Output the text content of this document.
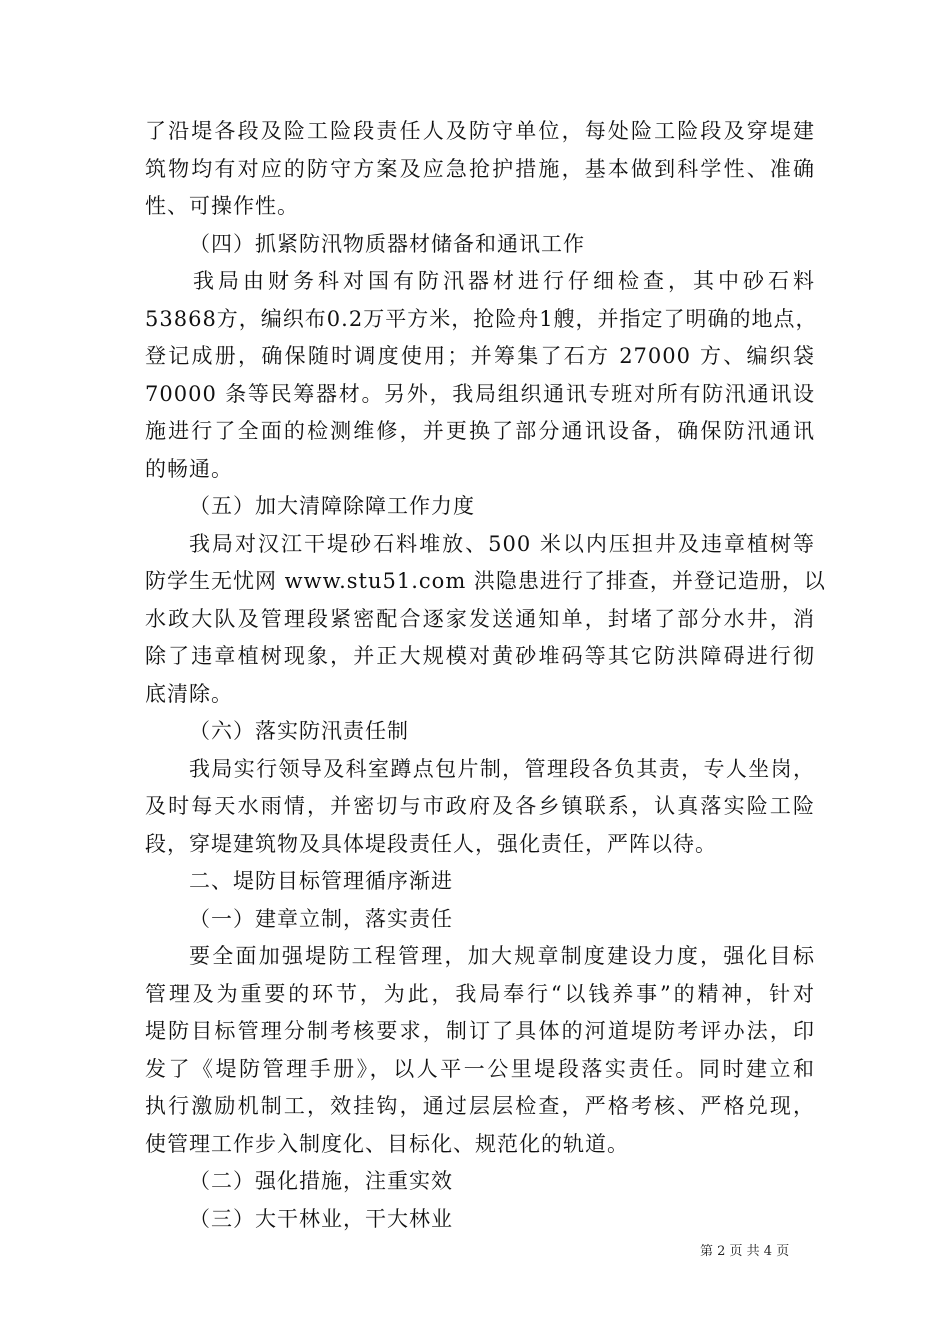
了沿堤各段及险工险段责任人及防守单位，每处险工险段及穿堤建
筑物均有对应的防守方案及应急抢护措施，基本做到科学性、准确
性、可操作性。
（四）抓紧防汛物质器材储备和通讯工作
我局由财务科对国有防汛器材进行仔细检查，其中砂石料
53868方，编织布0.2万平方米，抢险舟1艘，并指定了明确的地点，
登记成册，确保随时调度使用；并筹集了石方 27000 方、编织袋
70000 条等民筹器材。另外，我局组织通讯专班对所有防汛通讯设
施进行了全面的检测维修，并更换了部分通讯设备，确保防汛通讯
的畅通。
（五）加大清障除障工作力度
我局对汉江干堤砂石料堆放、500 米以内压担井及违章植树等
防学生无忧网 www.stu51.com 洪隐患进行了排查，并登记造册，以
水政大队及管理段紧密配合逐家发送通知单，封堵了部分水井，消
除了违章植树现象，并正大规模对黄砂堆码等其它防洪障碍进行彻
底清除。
（六）落实防汛责任制
我局实行领导及科室蹲点包片制，管理段各负其责，专人坐岗，
及时每天水雨情，并密切与市政府及各乡镇联系，认真落实险工险
段，穿堤建筑物及具体堤段责任人，强化责任，严阵以待。
二、堤防目标管理循序渐进
（一）建章立制，落实责任
要全面加强堤防工程管理，加大规章制度建设力度，强化目标
管理及为重要的环节，为此，我局奉行“以钱养事”的精神，针对
堤防目标管理分制考核要求，制订了具体的河道堤防考评办法，印
发了《堤防管理手册》，以人平一公里堤段落实责任。同时建立和
执行激励机制工，效挂钩，通过层层检查，严格考核、严格兑现，
使管理工作步入制度化、目标化、规范化的轨道。
（二）强化措施，注重实效
（三）大干林业，干大林业
第 2 页 共 4 页
